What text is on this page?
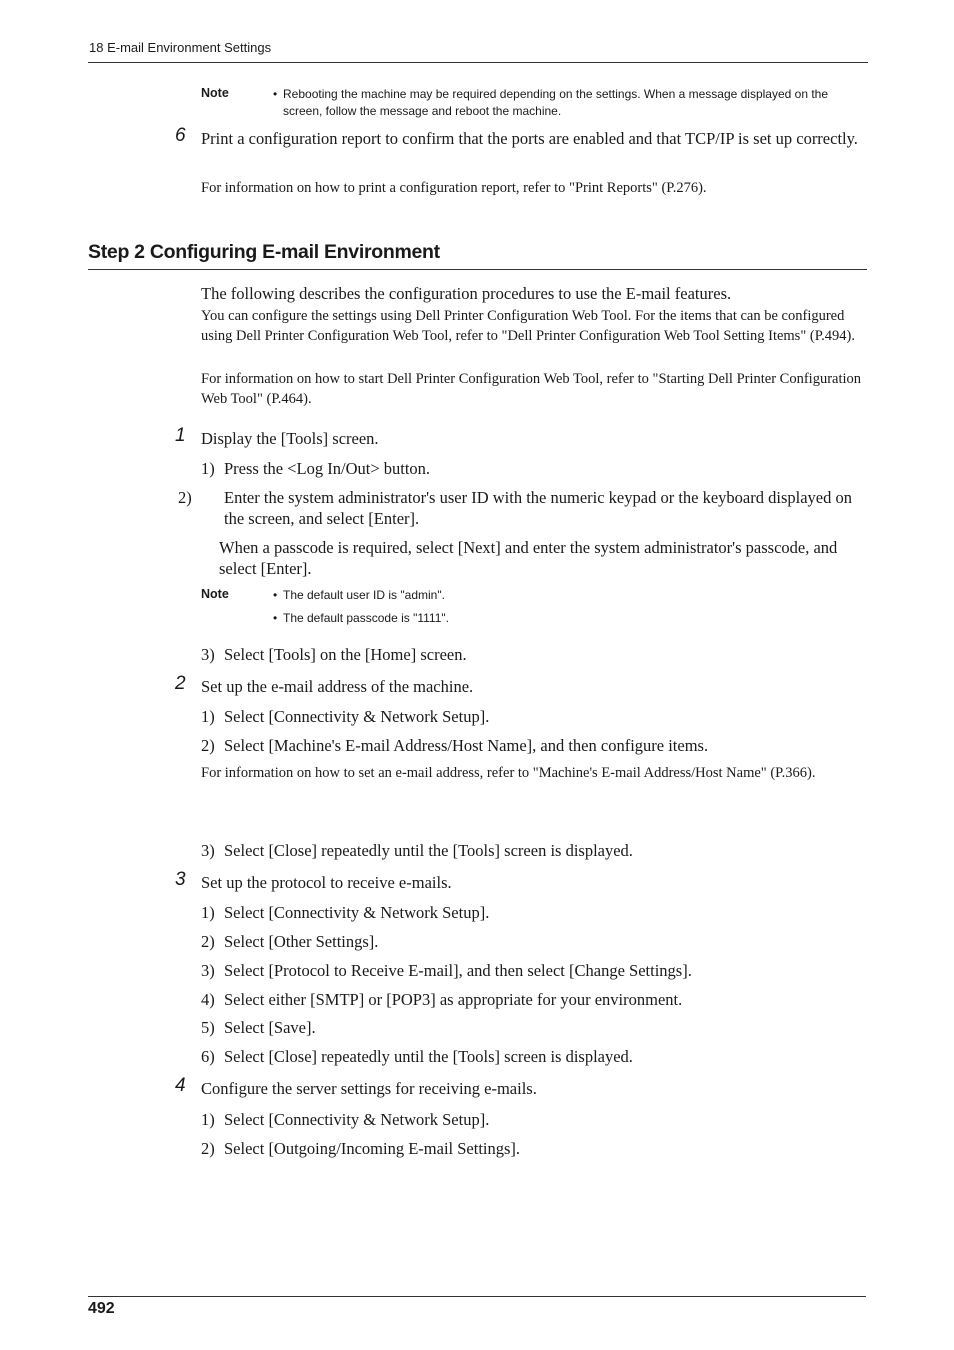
18 E-mail Environment Settings
Note	• Rebooting the machine may be required depending on the settings. When a message displayed on the screen, follow the message and reboot the machine.
6 Print a configuration report to confirm that the ports are enabled and that TCP/IP is set up correctly.
For information on how to print a configuration report, refer to "Print Reports" (P.276).
Step 2 Configuring E-mail Environment
The following describes the configuration procedures to use the E-mail features.
You can configure the settings using Dell Printer Configuration Web Tool. For the items that can be configured using Dell Printer Configuration Web Tool, refer to "Dell Printer Configuration Web Tool Setting Items" (P.494).
For information on how to start Dell Printer Configuration Web Tool, refer to "Starting Dell Printer Configuration Web Tool" (P.464).
1 Display the [Tools] screen.
1) Press the <Log In/Out> button.
2) Enter the system administrator's user ID with the numeric keypad or the keyboard displayed on the screen, and select [Enter].
When a passcode is required, select [Next] and enter the system administrator's passcode, and select [Enter].
Note	• The default user ID is "admin".
• The default passcode is "1111".
3) Select [Tools] on the [Home] screen.
2 Set up the e-mail address of the machine.
1) Select [Connectivity & Network Setup].
2) Select [Machine's E-mail Address/Host Name], and then configure items.
For information on how to set an e-mail address, refer to "Machine's E-mail Address/Host Name" (P.366).
3) Select [Close] repeatedly until the [Tools] screen is displayed.
3 Set up the protocol to receive e-mails.
1) Select [Connectivity & Network Setup].
2) Select [Other Settings].
3) Select [Protocol to Receive E-mail], and then select [Change Settings].
4) Select either [SMTP] or [POP3] as appropriate for your environment.
5) Select [Save].
6) Select [Close] repeatedly until the [Tools] screen is displayed.
4 Configure the server settings for receiving e-mails.
1) Select [Connectivity & Network Setup].
2) Select [Outgoing/Incoming E-mail Settings].
492
